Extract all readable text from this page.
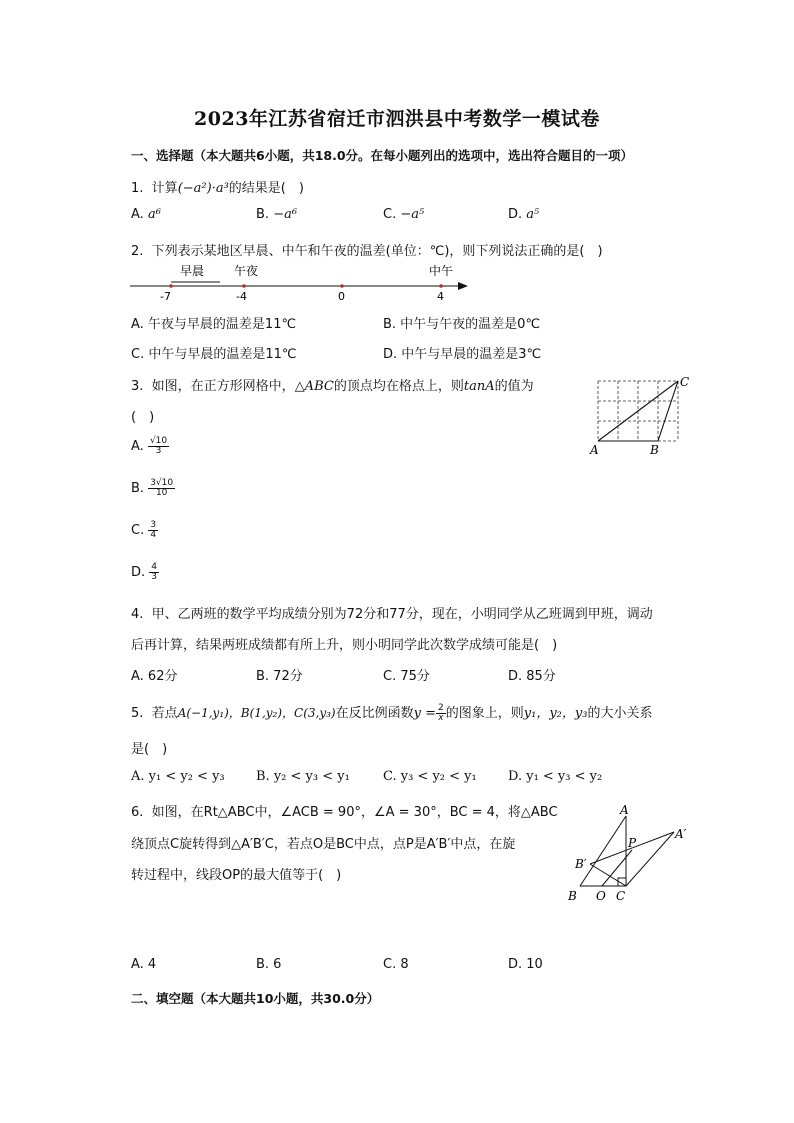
2023年江苏省宿迁市泗洪县中考数学一模试卷
一、选择题（本大题共6小题，共18.0分。在每小题列出的选项中，选出符合题目的一项）
1. 计算(−a²)·a³的结果是(　)
A. a⁶	B. −a⁶	C. −a⁵	D. a⁵
2. 下列表示某地区早晨、中午和午夜的温差(单位：℃)，则下列说法正确的是(　)
早晨 午夜	中午
-7	-4	0	4
A. 午夜与早晨的温差是11℃	B. 中午与午夜的温差是0℃
C. 中午与早晨的温差是11℃	D. 中午与早晨的温差是3℃
3. 如图，在正方形网格中，△ABC的顶点均在格点上，则tanA的值为
(　)
A. $\frac{√10}{3}$
B. $\frac{3√10}{10}$
C. $\frac{3}{4}$
D. $\frac{4}{3}$
A	B
C
4. 甲、乙两班的数学平均成绩分别为72分和77分，现在，小明同学从乙班调到甲班，调动
后再计算，结果两班成绩都有所上升，则小明同学此次数学成绩可能是(　)
A. 62分	B. 72分	C. 75分	D. 85分
5. 若点A(−1,y₁)，B(1,y₂)，C(3,y₃)在反比例函数$y = \frac{2}{x}$ 的图象上，则y₁，y₂，y₃的大小关系
是(　)
A. y₁ < y₂ < y₃ B. y₂ < y₃ < y₁	C. y₃ < y₂ < y₁ D. y₁ < y₃ < y₂
6. 如图，在Rt△ABC中，∠ACB = 90°，∠A = 30°，BC = 4，将△ABC
绕顶点C旋转得到△A′B′C，若点O是BC中点，点P是A′B′中点，在旋
转过程中，线段OP的最大值等于(　)
A
A′
B′
P
B O C
A. 4	B. 6	C. 8	D. 10
二、填空题（本大题共10小题，共30.0分）
